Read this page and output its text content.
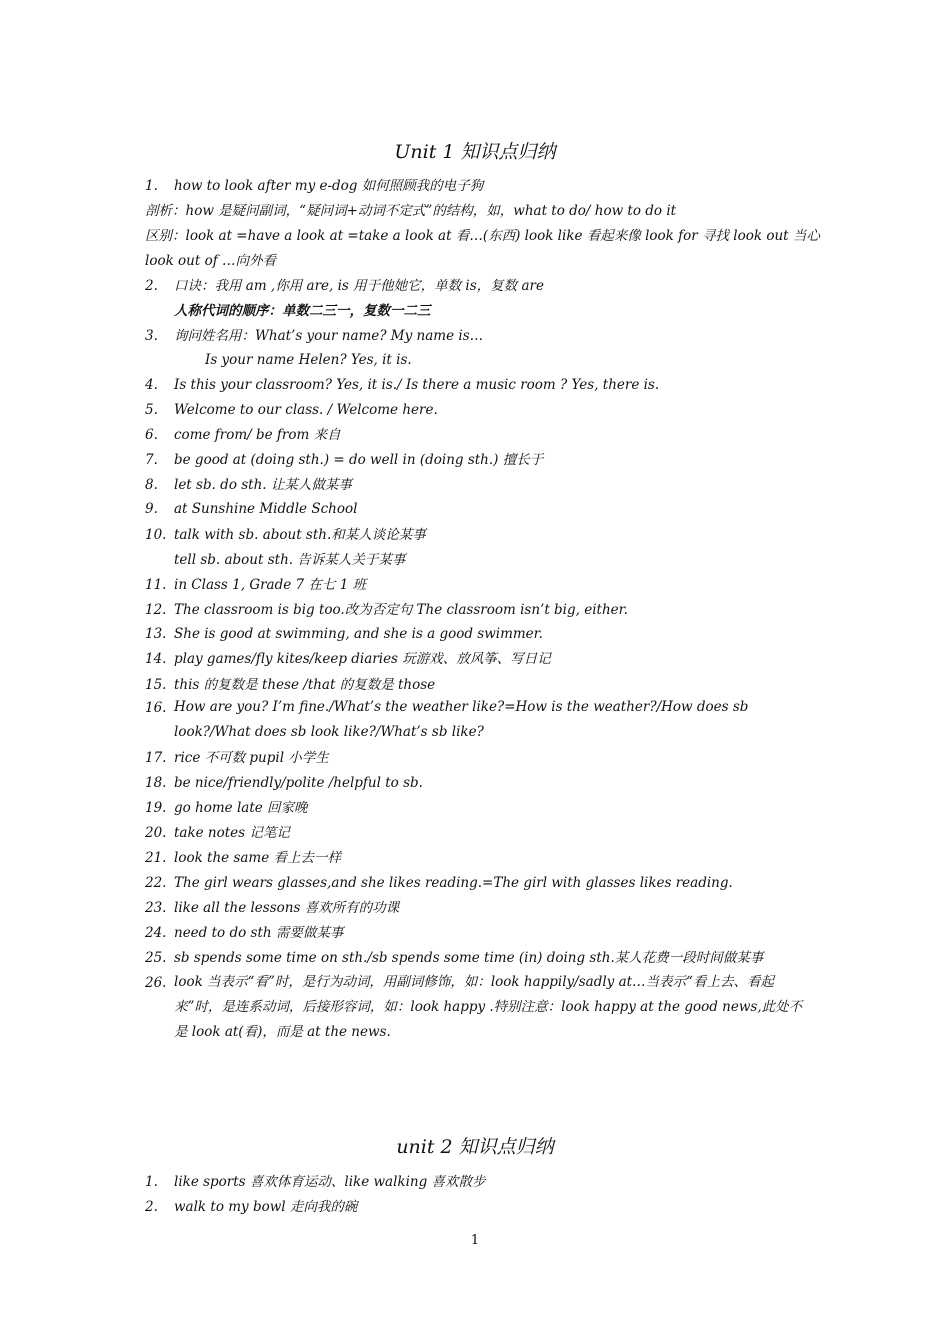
Unit 1 知识点归纳
1. how to look after my e-dog 如何照顾我的电子狗
剖析：how 是疑问副词，“疑问词+动词不定式”的结构，如，what to do/ how to do it
区别：look at =have a look at =take a look at 看…(东西) look like 看起来像 look for 寻找 look out 当心
look out of …向外看
2. 口诀：我用 am ,你用 are, is 用于他她它，单数 is，复数 are
人称代词的顺序：单数二三一，复数一二三
3. 询问姓名用：What’s your name? My name is…
Is your name Helen? Yes, it is.
4. Is this your classroom? Yes, it is./ Is there a music room ? Yes, there is.
5. Welcome to our class. / Welcome here.
6. come from/ be from 来自
7. be good at (doing sth.) = do well in (doing sth.) 擅长于
8. let sb. do sth. 让某人做某事
9. at Sunshine Middle School
10. talk with sb. about sth.和某人谈论某事
tell sb. about sth. 告诉某人关于某事
11. in Class 1, Grade 7 在七 1 班
12. The classroom is big too.改为否定句 The classroom isn’t big, either.
13. She is good at swimming, and she is a good swimmer.
14. play games/fly kites/keep diaries 玩游戏、放风筝、写日记
15. this 的复数是 these /that 的复数是 those
16. How are you? I’m fine./What’s the weather like?=How is the weather?/How does sb look?/What does sb look like?/What’s sb like?
17. rice 不可数 pupil 小学生
18. be nice/friendly/polite /helpful to sb.
19. go home late 回家晚
20. take notes 记笔记
21. look the same 看上去一样
22. The girl wears glasses,and she likes reading.=The girl with glasses likes reading.
23. like all the lessons 喜欢所有的功课
24. need to do sth 需要做某事
25. sb spends some time on sth./sb spends some time (in) doing sth.某人花费一段时间做某事
26. look 当表示“看”时，是行为动词，用副词修饰，如：look happily/sadly at…当表示“看上去、看起来”时，是连系动词，后接形容词，如：look happy .特别注意：look happy at the good news,此处不是 look at(看)，而是 at the news.
unit 2 知识点归纳
1. like sports 喜欢体育运动、like walking 喜欢散步
2. walk to my bowl 走向我的碗
1
